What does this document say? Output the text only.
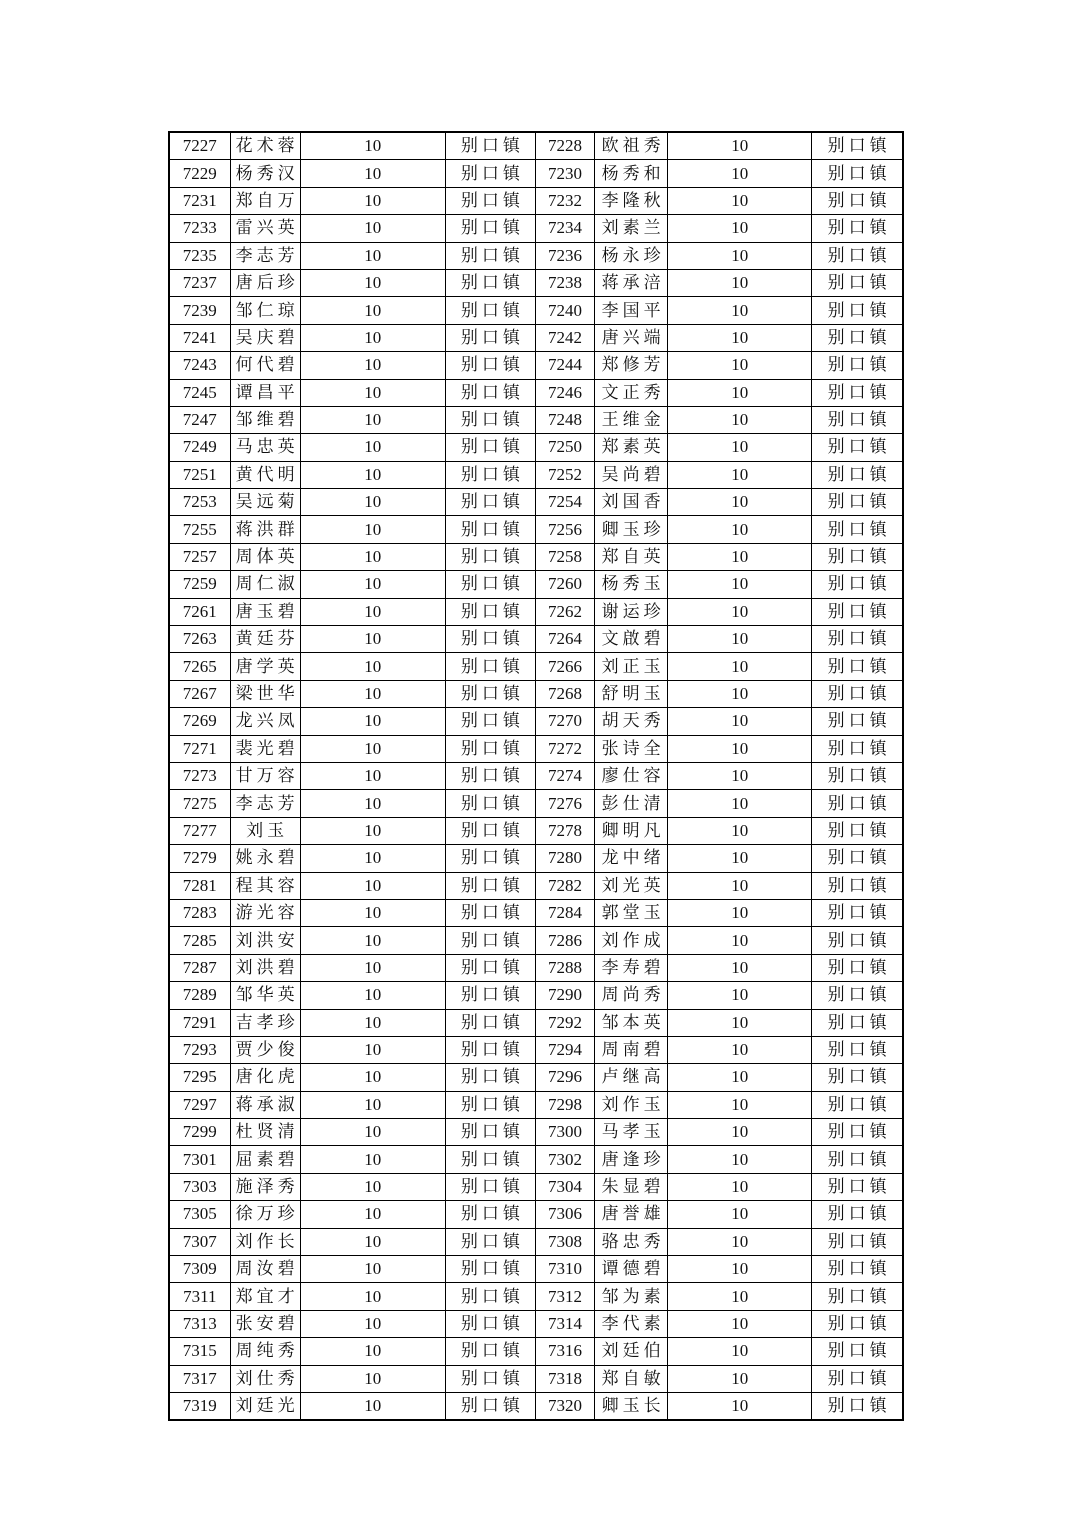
7227	花术蓉	10	别口镇	7228	欧祖秀	10	别口镇
7229	杨秀汉	10	别口镇	7230	杨秀和	10	别口镇
7231	郑自万	10	别口镇	7232	李隆秋	10	别口镇
7233	雷兴英	10	别口镇	7234	刘素兰	10	别口镇
7235	李志芳	10	别口镇	7236	杨永珍	10	别口镇
7237	唐后珍	10	别口镇	7238	蒋承涪	10	别口镇
7239	邹仁琼	10	别口镇	7240	李国平	10	别口镇
7241	吴庆碧	10	别口镇	7242	唐兴端	10	别口镇
7243	何代碧	10	别口镇	7244	郑修芳	10	别口镇
7245	谭昌平	10	别口镇	7246	文正秀	10	别口镇
7247	邹维碧	10	别口镇	7248	王维金	10	别口镇
7249	马忠英	10	别口镇	7250	郑素英	10	别口镇
7251	黄代明	10	别口镇	7252	吴尚碧	10	别口镇
7253	吴远菊	10	别口镇	7254	刘国香	10	别口镇
7255	蒋洪群	10	别口镇	7256	卿玉珍	10	别口镇
7257	周体英	10	别口镇	7258	郑自英	10	别口镇
7259	周仁淑	10	别口镇	7260	杨秀玉	10	别口镇
7261	唐玉碧	10	别口镇	7262	谢运珍	10	别口镇
7263	黄廷芬	10	别口镇	7264	文啟碧	10	别口镇
7265	唐学英	10	别口镇	7266	刘正玉	10	别口镇
7267	梁世华	10	别口镇	7268	舒明玉	10	别口镇
7269	龙兴凤	10	别口镇	7270	胡天秀	10	别口镇
7271	裴光碧	10	别口镇	7272	张诗全	10	别口镇
7273	甘万容	10	别口镇	7274	廖仕容	10	别口镇
7275	李志芳	10	别口镇	7276	彭仕清	10	别口镇
7277	刘玉	10	别口镇	7278	卿明凡	10	别口镇
7279	姚永碧	10	别口镇	7280	龙中绪	10	别口镇
7281	程其容	10	别口镇	7282	刘光英	10	别口镇
7283	游光容	10	别口镇	7284	郭堂玉	10	别口镇
7285	刘洪安	10	别口镇	7286	刘作成	10	别口镇
7287	刘洪碧	10	别口镇	7288	李寿碧	10	别口镇
7289	邹华英	10	别口镇	7290	周尚秀	10	别口镇
7291	吉孝珍	10	别口镇	7292	邹本英	10	别口镇
7293	贾少俊	10	别口镇	7294	周南碧	10	别口镇
7295	唐化虎	10	别口镇	7296	卢继高	10	别口镇
7297	蒋承淑	10	别口镇	7298	刘作玉	10	别口镇
7299	杜贤清	10	别口镇	7300	马孝玉	10	别口镇
7301	屈素碧	10	别口镇	7302	唐逢珍	10	别口镇
7303	施泽秀	10	别口镇	7304	朱显碧	10	别口镇
7305	徐万珍	10	别口镇	7306	唐誉雄	10	别口镇
7307	刘作长	10	别口镇	7308	骆忠秀	10	别口镇
7309	周汝碧	10	别口镇	7310	谭德碧	10	别口镇
7311	郑宜才	10	别口镇	7312	邹为素	10	别口镇
7313	张安碧	10	别口镇	7314	李代素	10	别口镇
7315	周纯秀	10	别口镇	7316	刘廷伯	10	别口镇
7317	刘仕秀	10	别口镇	7318	郑自敏	10	别口镇
7319	刘廷光	10	别口镇	7320	卿玉长	10	别口镇
